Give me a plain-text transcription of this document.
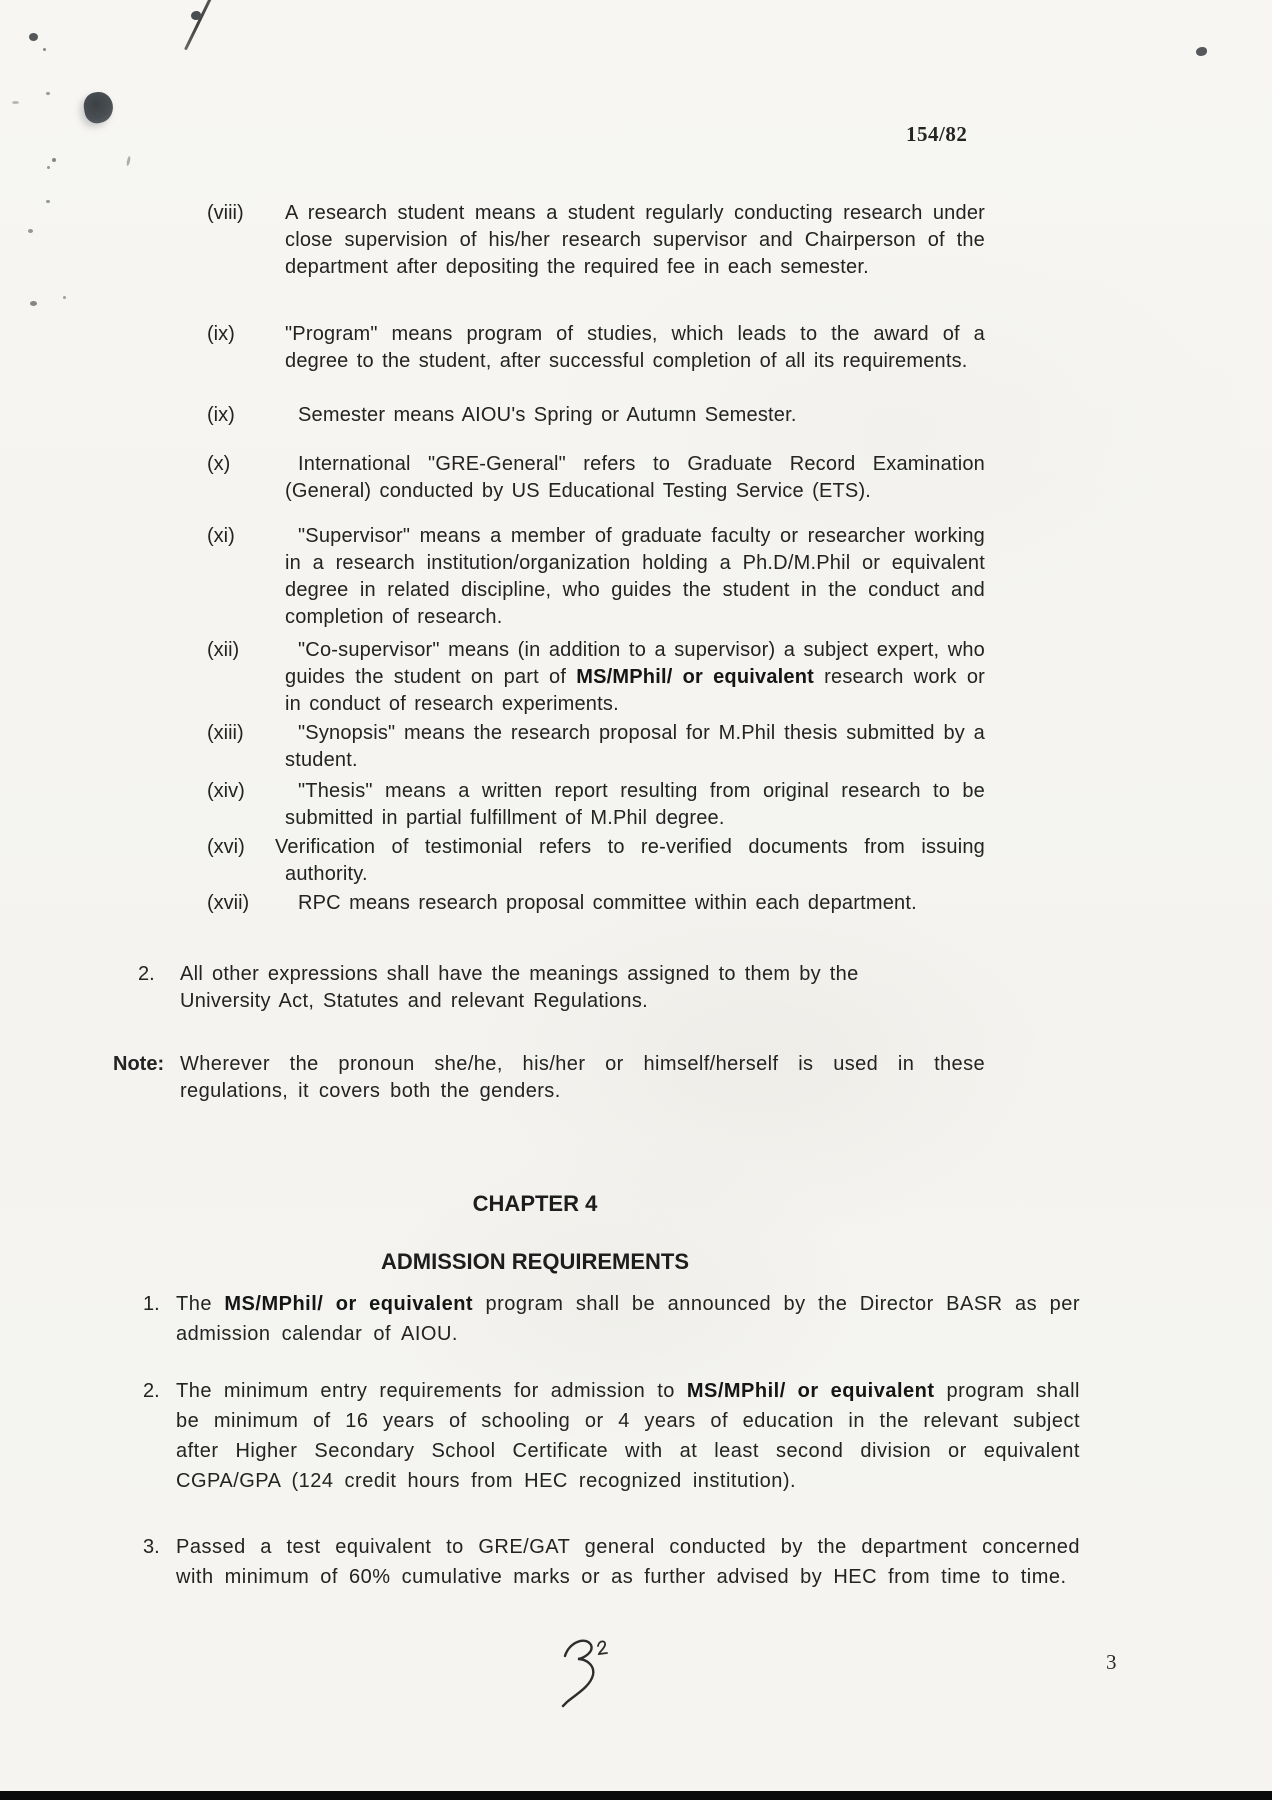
154/82
(viii) A research student means a student regularly conducting research under close supervision of his/her research supervisor and Chairperson of the department after depositing the required fee in each semester.

(ix)	"Program" means program of studies, which leads to the award of a degree to the student, after successful completion of all its requirements.

(ix)	Semester means AIOU's Spring or Autumn Semester.

(x)	International "GRE-General" refers to Graduate Record Examination (General) conducted by US Educational Testing Service (ETS).

(xi)	"Supervisor" means a member of graduate faculty or researcher working in a research institution/organization holding a Ph.D/M.Phil or equivalent degree in related discipline, who guides the student in the conduct and completion of research.

(xii)	"Co-supervisor" means (in addition to a supervisor) a subject expert, who guides the student on part of MS/MPhil/ or equivalent research work or in conduct of research experiments.

(xiii)	"Synopsis" means the research proposal for M.Phil thesis submitted by a student.

(xiv)	"Thesis" means a written report resulting from original research to be submitted in partial fulfillment of M.Phil degree.

(xvi) Verification of testimonial refers to re-verified documents from issuing authority.

(xvii)	RPC means research proposal committee within each department.

2. All other expressions shall have the meanings assigned to them by the University Act, Statutes and relevant Regulations.

Note: Wherever the pronoun she/he, his/her or himself/herself is used in these regulations, it covers both the genders.

CHAPTER 4
ADMISSION REQUIREMENTS
1. The MS/MPhil/ or equivalent program shall be announced by the Director BASR as per admission calendar of AIOU.

2. The minimum entry requirements for admission to MS/MPhil/ or equivalent program shall be minimum of 16 years of schooling or 4 years of education in the relevant subject after Higher Secondary School Certificate with at least second division or equivalent CGPA/GPA (124 credit hours from HEC recognized institution).

3. Passed a test equivalent to GRE/GAT general conducted by the department concerned with minimum of 60% cumulative marks or as further advised by HEC from time to time.

3
